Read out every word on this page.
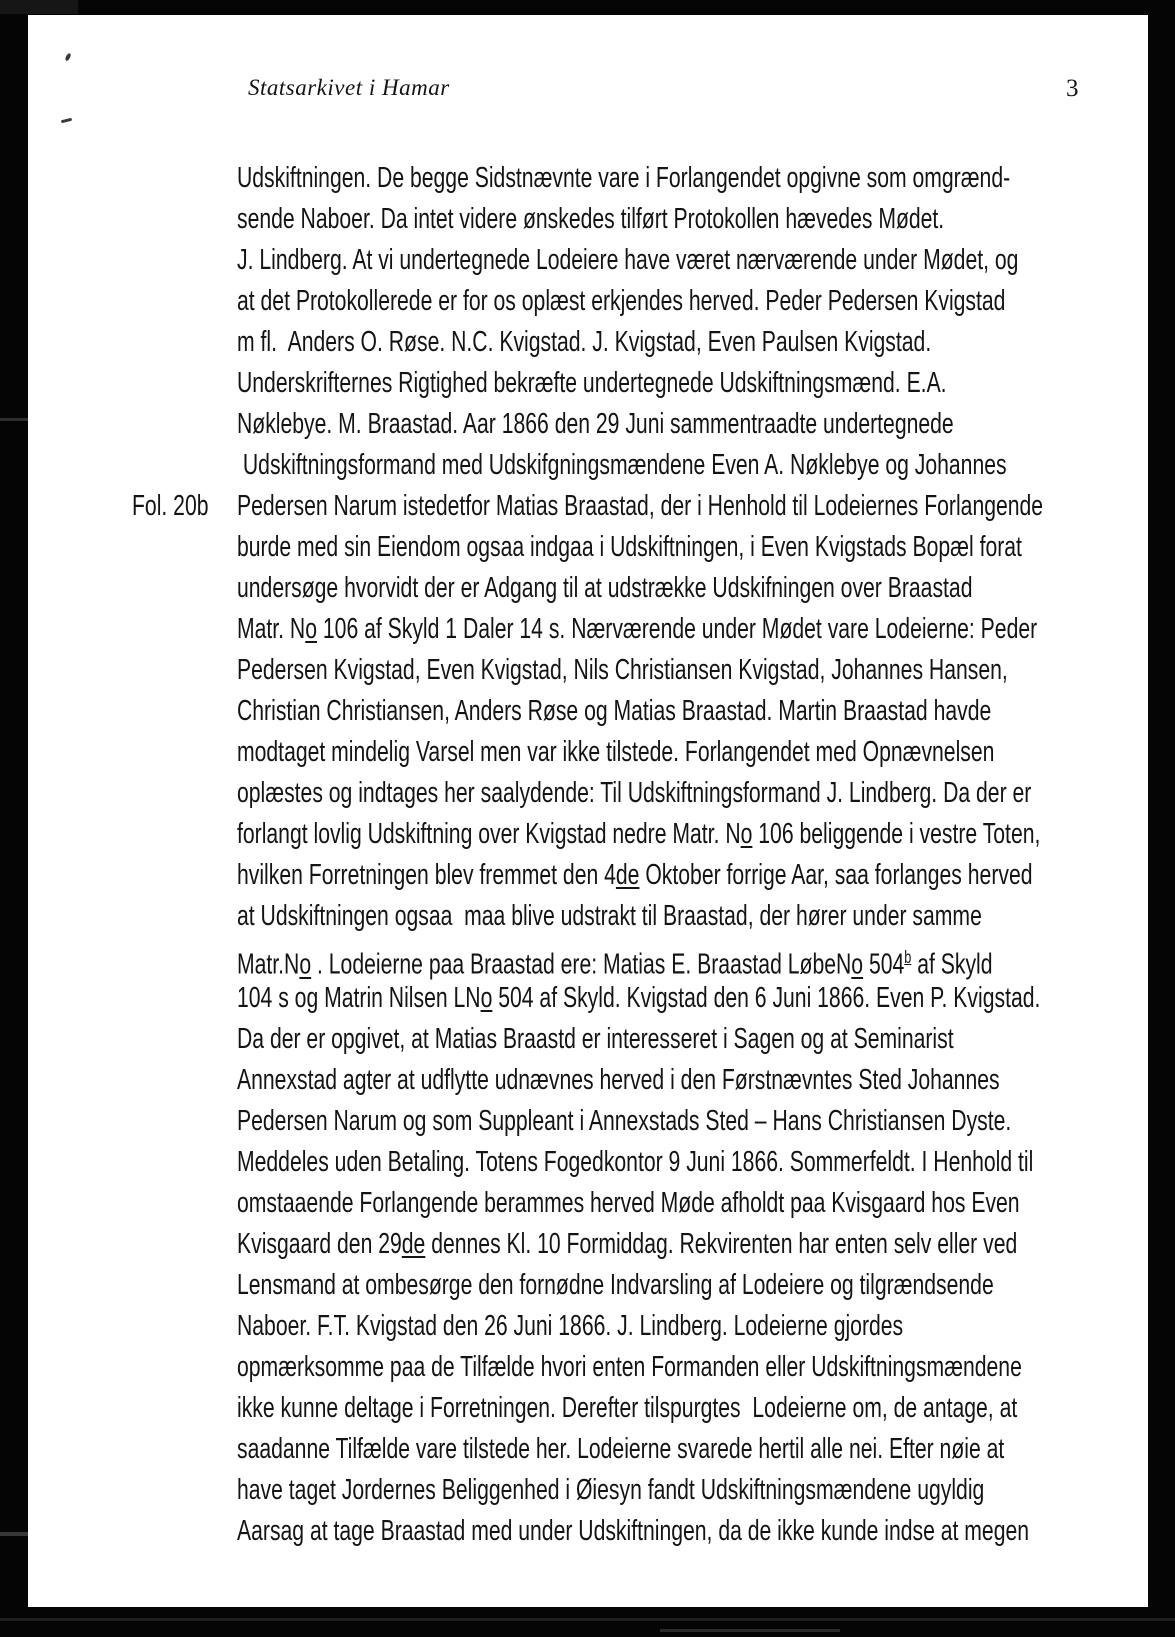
Statsarkivet i Hamar	3

Fol. 20b

Udskiftningen. De begge Sidstnævnte vare i Forlangendet opgivne som omgrænd-
sende Naboer. Da intet videre ønskedes tilført Protokollen hævedes Mødet.
J. Lindberg. At vi undertegnede Lodeiere have været nærværende under Mødet, og
at det Protokollerede er for os oplæst erkjendes herved. Peder Pedersen Kvigstad
m fl.  Anders O. Røse. N.C. Kvigstad. J. Kvigstad, Even Paulsen Kvigstad.
Underskrifternes Rigtighed bekræfte undertegnede Udskiftningsmænd. E.A.
Nøklebye. M. Braastad. Aar 1866 den 29 Juni sammentraadte undertegnede
Udskiftningsformand med Udskifgningsmændene Even A. Nøklebye og Johannes
Pedersen Narum istedetfor Matias Braastad, der i Henhold til Lodeiernes Forlangende
burde med sin Eiendom ogsaa indgaa i Udskiftningen, i Even Kvigstads Bopæl forat
undersøge hvorvidt der er Adgang til at udstrække Udskifningen over Braastad
Matr. No 106 af Skyld 1 Daler 14 s. Nærværende under Mødet vare Lodeierne: Peder
Pedersen Kvigstad, Even Kvigstad, Nils Christiansen Kvigstad, Johannes Hansen,
Christian Christiansen, Anders Røse og Matias Braastad. Martin Braastad havde
modtaget mindelig Varsel men var ikke tilstede. Forlangendet med Opnævnelsen
oplæstes og indtages her saalydende: Til Udskiftningsformand J. Lindberg. Da der er
forlangt lovlig Udskiftning over Kvigstad nedre Matr. No 106 beliggende i vestre Toten,
hvilken Forretningen blev fremmet den 4de Oktober forrige Aar, saa forlanges herved
at Udskiftningen ogsaa  maa blive udstrakt til Braastad, der hører under samme
Matr.No . Lodeierne paa Braastad ere: Matias E. Braastad LøbeNo 504$^b$ af Skyld
104 s og Matrin Nilsen LNo 504 af Skyld. Kvigstad den 6 Juni 1866. Even P. Kvigstad.
Da der er opgivet, at Matias Braastd er interesseret i Sagen og at Seminarist
Annexstad agter at udflytte udnævnes herved i den Førstnævntes Sted Johannes
Pedersen Narum og som Suppleant i Annexstads Sted – Hans Christiansen Dyste.
Meddeles uden Betaling. Totens Fogedkontor 9 Juni 1866. Sommerfeldt. I Henhold til
omstaaende Forlangende berammes herved Møde afholdt paa Kvisgaard hos Even
Kvisgaard den 29de dennes Kl. 10 Formiddag. Rekvirenten har enten selv eller ved
Lensmand at ombesørge den fornødne Indvarsling af Lodeiere og tilgrændsende
Naboer. F.T. Kvigstad den 26 Juni 1866. J. Lindberg. Lodeierne gjordes
opmærksomme paa de Tilfælde hvori enten Formanden eller Udskiftningsmændene
ikke kunne deltage i Forretningen. Derefter tilspurgtes  Lodeierne om, de antage, at
saadanne Tilfælde vare tilstede her. Lodeierne svarede hertil alle nei. Efter nøie at
have taget Jordernes Beliggenhed i Øiesyn fandt Udskiftningsmændene ugyldig
Aarsag at tage Braastad med under Udskiftningen, da de ikke kunde indse at megen
